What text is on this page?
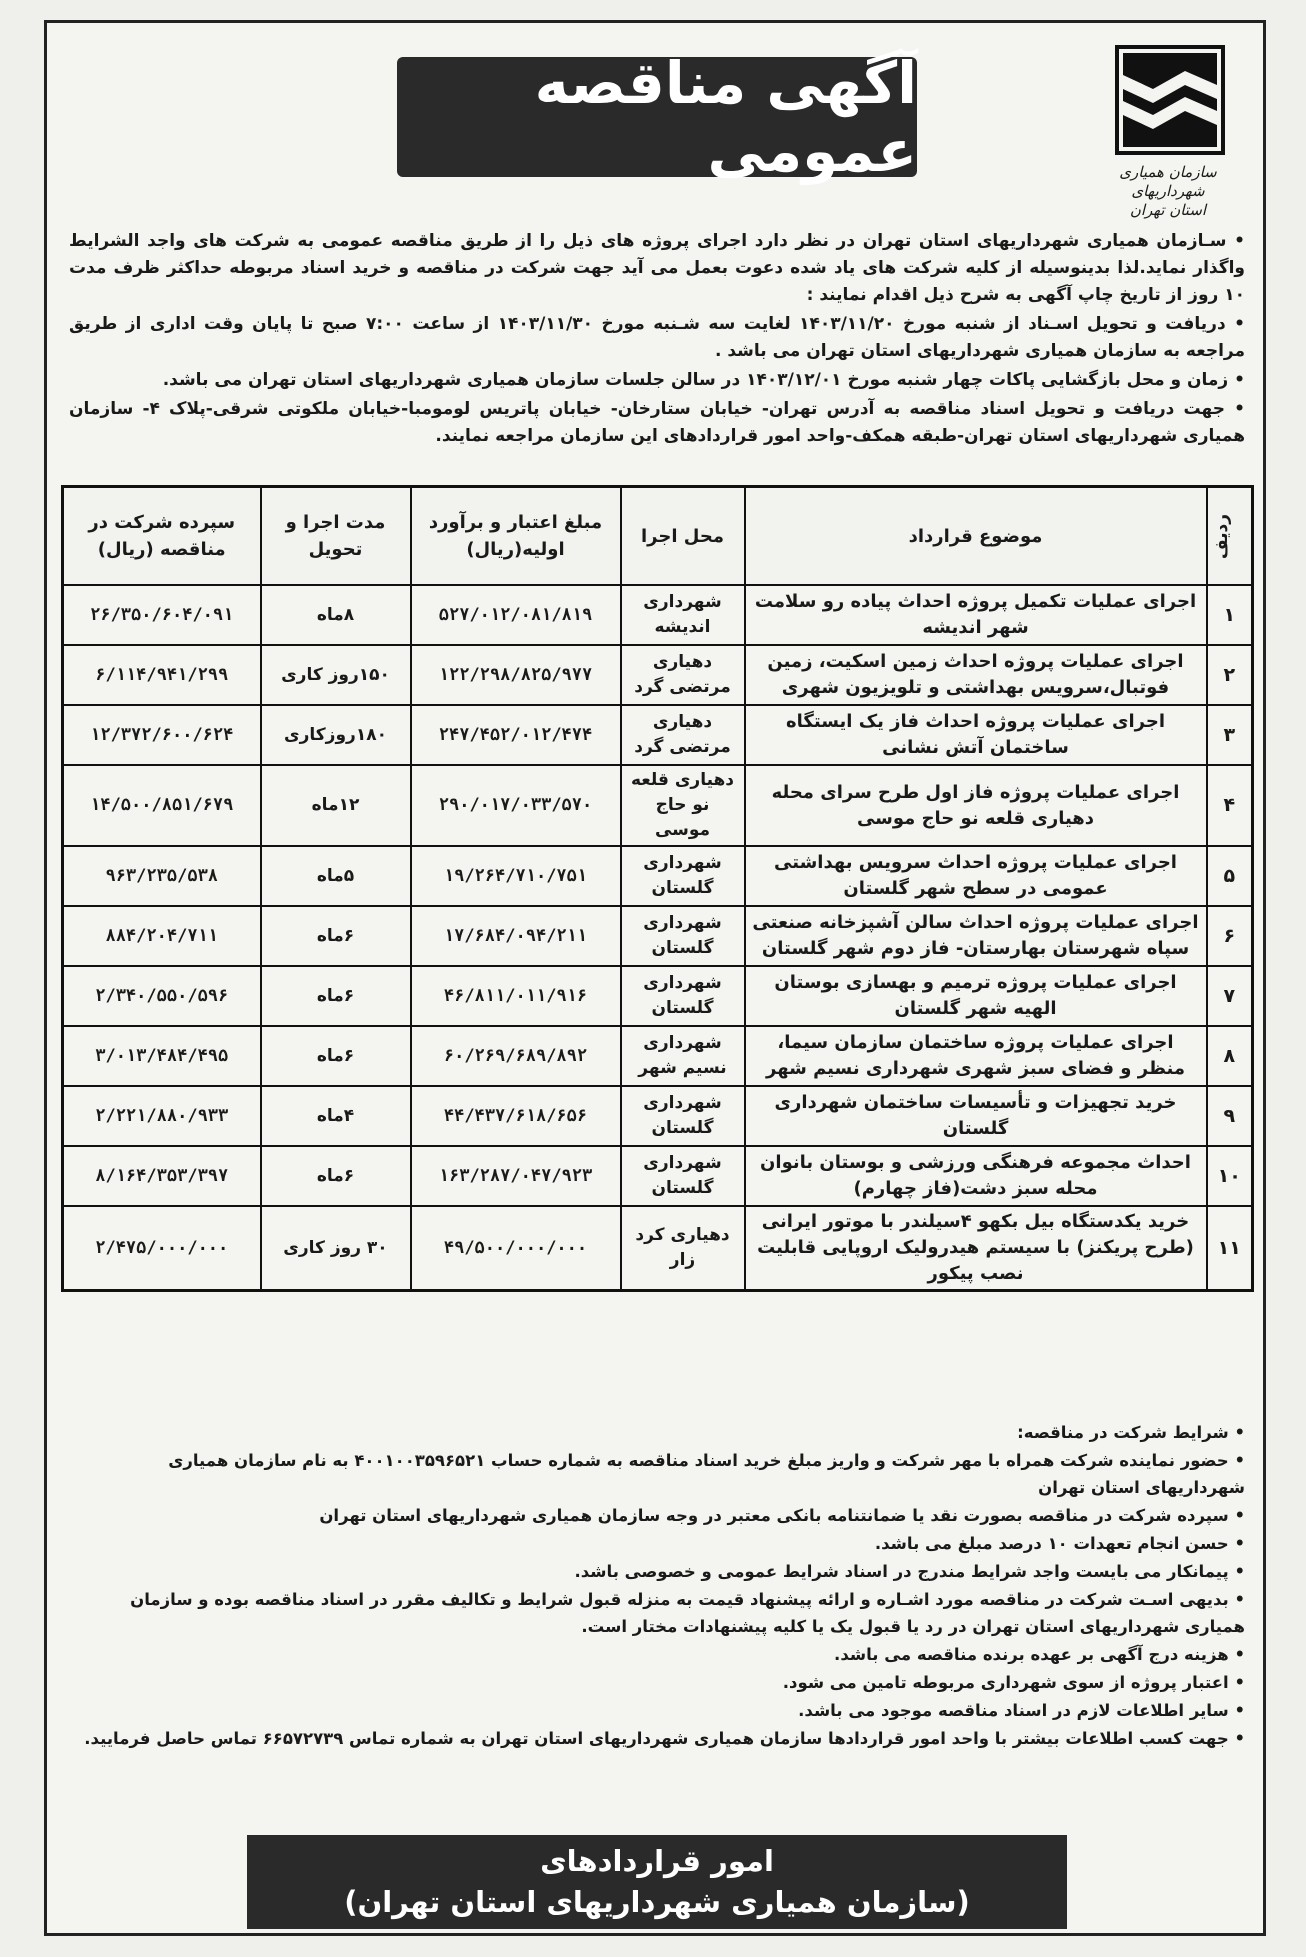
سازمان همیاری شهرداریهای
استان تهران
آگهی مناقصه عمومی

• سـازمان همیاری شهرداریهای استان تهران در نظر دارد اجرای پروژه های ذیل را از طریق مناقصه عمومی به شرکت های واجد الشرایط واگذار نماید.لذا بدینوسیله از کلیه شرکت های یاد شده دعوت بعمل می آید جهت شرکت در مناقصه و خرید اسناد مربوطه حداکثر ظرف مدت ۱۰ روز از تاریخ چاپ آگهی به شرح ذیل اقدام نمایند :

• دریافت و تحویل اسـناد از شنبه مورخ ۱۴۰۳/۱۱/۲۰ لغایت سه شـنبه مورخ ۱۴۰۳/۱۱/۳۰ از ساعت ۷:۰۰ صبح تا پایان وقت اداری از طریق مراجعه به سازمان همیاری شهرداریهای استان تهران می باشد .

• زمان و محل بازگشایی پاکات چهار شنبه مورخ ۱۴۰۳/۱۲/۰۱ در سالن جلسات سازمان همیاری شهرداریهای استان تهران می باشد.

• جهت دریافت و تحویل اسناد مناقصه به آدرس تهران- خیابان ستارخان- خیابان پاتریس لومومبا-خیابان ملکوتی شرقی-پلاک ۴- سازمان همیاری شهرداریهای استان تهران-طبقه همکف-واحد امور قراردادهای این سازمان مراجعه نمایند.

ردیف	موضوع قرارداد	محل اجرا	مبلغ اعتبار و برآورد اولیه(ریال)	مدت اجرا و تحویل	سپرده شرکت در مناقصه (ریال)
۱	اجرای عملیات تکمیل پروژه احداث پیاده رو سلامت شهر اندیشه	شهرداری اندیشه	۵۲۷/۰۱۲/۰۸۱/۸۱۹	۸ماه	۲۶/۳۵۰/۶۰۴/۰۹۱
۲	اجرای عملیات پروژه احداث زمین اسکیت، زمین فوتبال،سرویس بهداشتی و تلویزیون شهری	دهیاری مرتضی گرد	۱۲۲/۲۹۸/۸۲۵/۹۷۷	۱۵۰روز کاری	۶/۱۱۴/۹۴۱/۲۹۹
۳	اجرای عملیات پروژه احداث فاز یک ایستگاه ساختمان آتش نشانی	دهیاری مرتضی گرد	۲۴۷/۴۵۲/۰۱۲/۴۷۴	۱۸۰روزکاری	۱۲/۳۷۲/۶۰۰/۶۲۴
۴	اجرای عملیات پروژه فاز اول طرح سرای محله دهیاری قلعه نو حاج موسی	دهیاری قلعه نو حاج موسی	۲۹۰/۰۱۷/۰۳۳/۵۷۰	۱۲ماه	۱۴/۵۰۰/۸۵۱/۶۷۹
۵	اجرای عملیات پروژه احداث سرویس بهداشتی عمومی در سطح شهر گلستان	شهرداری گلستان	۱۹/۲۶۴/۷۱۰/۷۵۱	۵ماه	۹۶۳/۲۳۵/۵۳۸
۶	اجرای عملیات پروژه احداث سالن آشپزخانه صنعتی سپاه شهرستان بهارستان- فاز دوم شهر گلستان	شهرداری گلستان	۱۷/۶۸۴/۰۹۴/۲۱۱	۶ماه	۸۸۴/۲۰۴/۷۱۱
۷	اجرای عملیات پروژه ترمیم و بهسازی بوستان الهیه شهر گلستان	شهرداری گلستان	۴۶/۸۱۱/۰۱۱/۹۱۶	۶ماه	۲/۳۴۰/۵۵۰/۵۹۶
۸	اجرای عملیات پروژه ساختمان سازمان سیما، منظر و فضای سبز شهری شهرداری نسیم شهر	شهرداری نسیم شهر	۶۰/۲۶۹/۶۸۹/۸۹۲	۶ماه	۳/۰۱۳/۴۸۴/۴۹۵
۹	خرید تجهیزات و تأسیسات ساختمان شهرداری گلستان	شهرداری گلستان	۴۴/۴۳۷/۶۱۸/۶۵۶	۴ماه	۲/۲۲۱/۸۸۰/۹۳۳
۱۰	احداث مجموعه فرهنگی ورزشی و بوستان بانوان محله سبز دشت(فاز چهارم)	شهرداری گلستان	۱۶۳/۲۸۷/۰۴۷/۹۲۳	۶ماه	۸/۱۶۴/۳۵۳/۳۹۷
۱۱	خرید یکدستگاه بیل بکهو ۴سیلندر با موتور ایرانی (طرح پریکنز) با سیستم هیدرولیک اروپایی قابلیت نصب پیکور	دهیاری کرد زار	۴۹/۵۰۰/۰۰۰/۰۰۰	۳۰ روز کاری	۲/۴۷۵/۰۰۰/۰۰۰

• شرایط شرکت در مناقصه:

• حضور نماینده شرکت همراه با مهر شرکت و واریز مبلغ خرید اسناد مناقصه به شماره حساب ۴۰۰۱۰۰۳۵۹۶۵۲۱ به نام سازمان همیاری شهرداریهای استان تهران

• سپرده شرکت در مناقصه بصورت نقد یا ضمانتنامه بانکی معتبر در وجه سازمان همیاری شهرداریهای استان تهران

• حسن انجام تعهدات ۱۰ درصد مبلغ می باشد.

• پیمانکار می بایست واجد شرایط مندرج در اسناد شرایط عمومی و خصوصی باشد.

• بدیهی اسـت شرکت در مناقصه مورد اشـاره و ارائه پیشنهاد قیمت به منزله قبول شرایط و تکالیف مقرر در اسناد مناقصه بوده و سازمان همیاری شهرداریهای استان تهران در رد یا قبول یک یا کلیه پیشنهادات مختار است.

• هزینه درج آگهی بر عهده برنده مناقصه می باشد.

• اعتبار پروژه از سوی شهرداری مربوطه تامین می شود.

• سایر اطلاعات لازم در اسناد مناقصه موجود می باشد.

• جهت کسب اطلاعات بیشتر با واحد امور قراردادها سازمان همیاری شهرداریهای استان تهران به شماره تماس ۶۶۵۷۲۷۳۹ تماس حاصل فرمایید.

امور قراردادهای
(سازمان همیاری شهرداریهای استان تهران)
